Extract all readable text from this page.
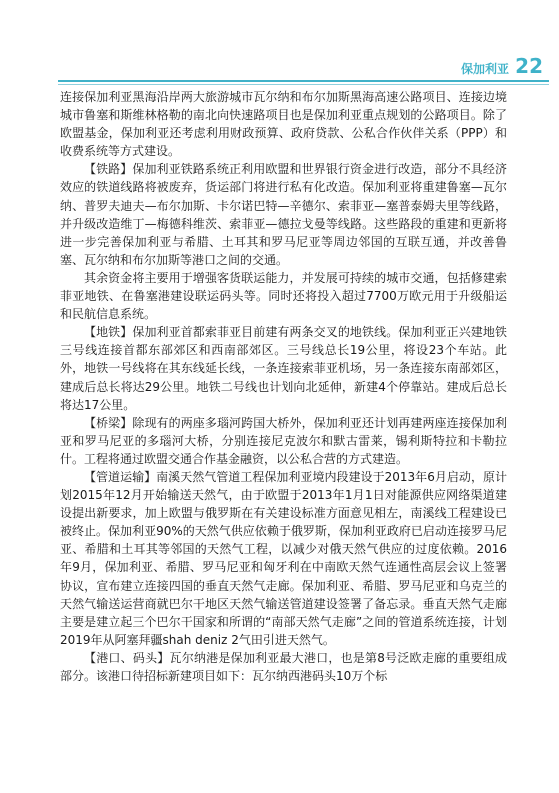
保加利亚 22

连接保加利亚黑海沿岸两大旅游城市瓦尔纳和布尔加斯黑海高速公路项目、连接边境城市鲁塞和斯维林格勒的南北向快速路项目也是保加利亚重点规划的公路项目。除了欧盟基金，保加利亚还考虑利用财政预算、政府贷款、公私合作伙伴关系（PPP）和收费系统等方式建设。

【铁路】保加利亚铁路系统正利用欧盟和世界银行资金进行改造，部分不具经济效应的铁道线路将被废弃，货运部门将进行私有化改造。保加利亚将重建鲁塞—瓦尔纳、普罗夫迪夫—布尔加斯、卡尔诺巴特—辛德尔、索菲亚—塞普泰姆夫里等线路，并升级改造维丁—梅德科维茨、索菲亚—德拉戈曼等线路。这些路段的重建和更新将进一步完善保加利亚与希腊、土耳其和罗马尼亚等周边邻国的互联互通，并改善鲁塞、瓦尔纳和布尔加斯等港口之间的交通。

其余资金将主要用于增强客货联运能力，并发展可持续的城市交通，包括修建索菲亚地铁、在鲁塞港建设联运码头等。同时还将投入超过7700万欧元用于升级船运和民航信息系统。

【地铁】保加利亚首都索菲亚目前建有两条交叉的地铁线。保加利亚正兴建地铁三号线连接首都东部郊区和西南部郊区。三号线总长19公里，将设23个车站。此外，地铁一号线将在其东线延长线，一条连接索菲亚机场，另一条连接东南部郊区，建成后总长将达29公里。地铁二号线也计划向北延伸，新建4个停靠站。建成后总长将达17公里。

【桥梁】除现有的两座多瑙河跨国大桥外，保加利亚还计划再建两座连接保加利亚和罗马尼亚的多瑙河大桥，分别连接尼克波尔和默古雷莱，锡利斯特拉和卡勒拉什。工程将通过欧盟交通合作基金融资，以公私合营的方式建造。

【管道运输】南溪天然气管道工程保加利亚境内段建设于2013年6月启动，原计划2015年12月开始输送天然气，由于欧盟于2013年1月1日对能源供应网络渠道建设提出新要求，加上欧盟与俄罗斯在有关建设标准方面意见相左，南溪线工程建设已被终止。保加利亚90%的天然气供应依赖于俄罗斯，保加利亚政府已启动连接罗马尼亚、希腊和土耳其等邻国的天然气工程，以减少对俄天然气供应的过度依赖。2016年9月，保加利亚、希腊、罗马尼亚和匈牙利在中南欧天然气连通性高层会议上签署协议，宣布建立连接四国的垂直天然气走廊。保加利亚、希腊、罗马尼亚和乌克兰的天然气输送运营商就巴尔干地区天然气输送管道建设签署了备忘录。垂直天然气走廊主要是建立起三个巴尔干国家和所谓的“南部天然气走廊”之间的管道系统连接，计划2019年从阿塞拜疆shah deniz 2气田引进天然气。

【港口、码头】瓦尔纳港是保加利亚最大港口，也是第8号泛欧走廊的重要组成部分。该港口待招标新建项目如下：瓦尔纳西港码头10万个标
